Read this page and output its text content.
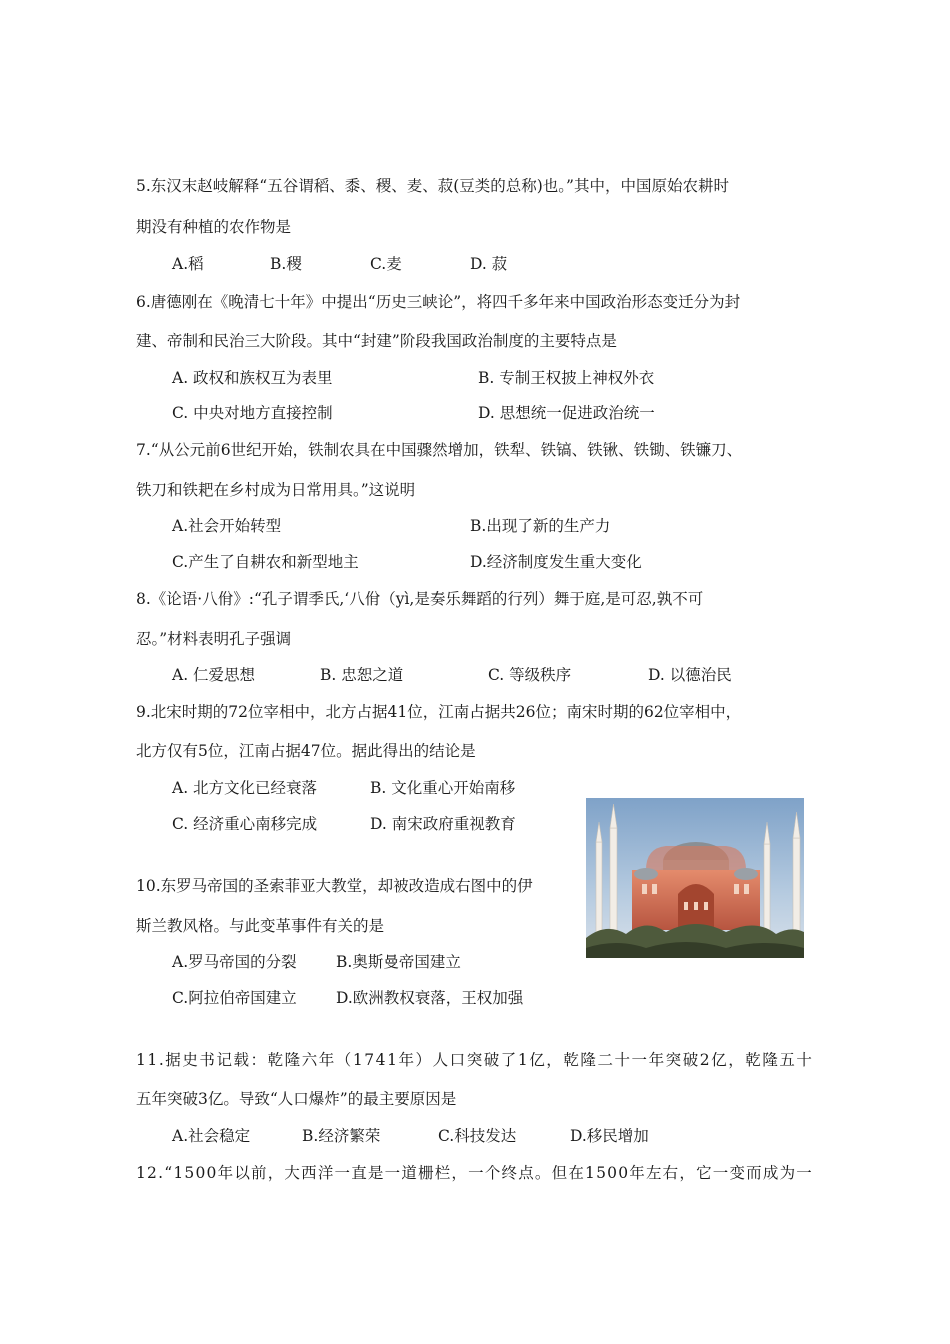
5.东汉末赵岐解释“五谷谓稻、黍、稷、麦、菽(豆类的总称)也。”其中，中国原始农耕时
期没有种植的农作物是
A.稻	B.稷	C.麦	D. 菽
6.唐德刚在《晚清七十年》中提出“历史三峡论”，将四千多年来中国政治形态变迁分为封
建、帝制和民治三大阶段。其中“封建”阶段我国政治制度的主要特点是
A. 政权和族权互为表里	B. 专制王权披上神权外衣
C. 中央对地方直接控制	D. 思想统一促进政治统一
7.“从公元前6世纪开始，铁制农具在中国骤然增加，铁犁、铁镐、铁锹、铁锄、铁镰刀、
铁刀和铁耙在乡村成为日常用具。”这说明
A.社会开始转型	B.出现了新的生产力
C.产生了自耕农和新型地主	D.经济制度发生重大变化
8.《论语·八佾》:“孔子谓季氏,‘八佾（yì,是奏乐舞蹈的行列）舞于庭,是可忍,孰不可
忍。”材料表明孔子强调
A. 仁爱思想	B. 忠恕之道	C. 等级秩序	D. 以德治民
9.北宋时期的72位宰相中，北方占据41位，江南占据共26位；南宋时期的62位宰相中，
北方仅有5位，江南占据47位。据此得出的结论是
A. 北方文化已经衰落	B. 文化重心开始南移
C. 经济重心南移完成	D. 南宋政府重视教育
10.东罗马帝国的圣索菲亚大教堂，却被改造成右图中的伊
斯兰教风格。与此变革事件有关的是
A.罗马帝国的分裂	B.奥斯曼帝国建立
C.阿拉伯帝国建立	D.欧洲教权衰落，王权加强
11.据史书记载：乾隆六年（1741年）人口突破了1亿，乾隆二十一年突破2亿，乾隆五十
五年突破3亿。导致“人口爆炸”的最主要原因是
A.社会稳定	B.经济繁荣	C.科技发达	D.移民增加
12.“1500年以前，大西洋一直是一道栅栏，一个终点。但在1500年左右，它一变而成为一
